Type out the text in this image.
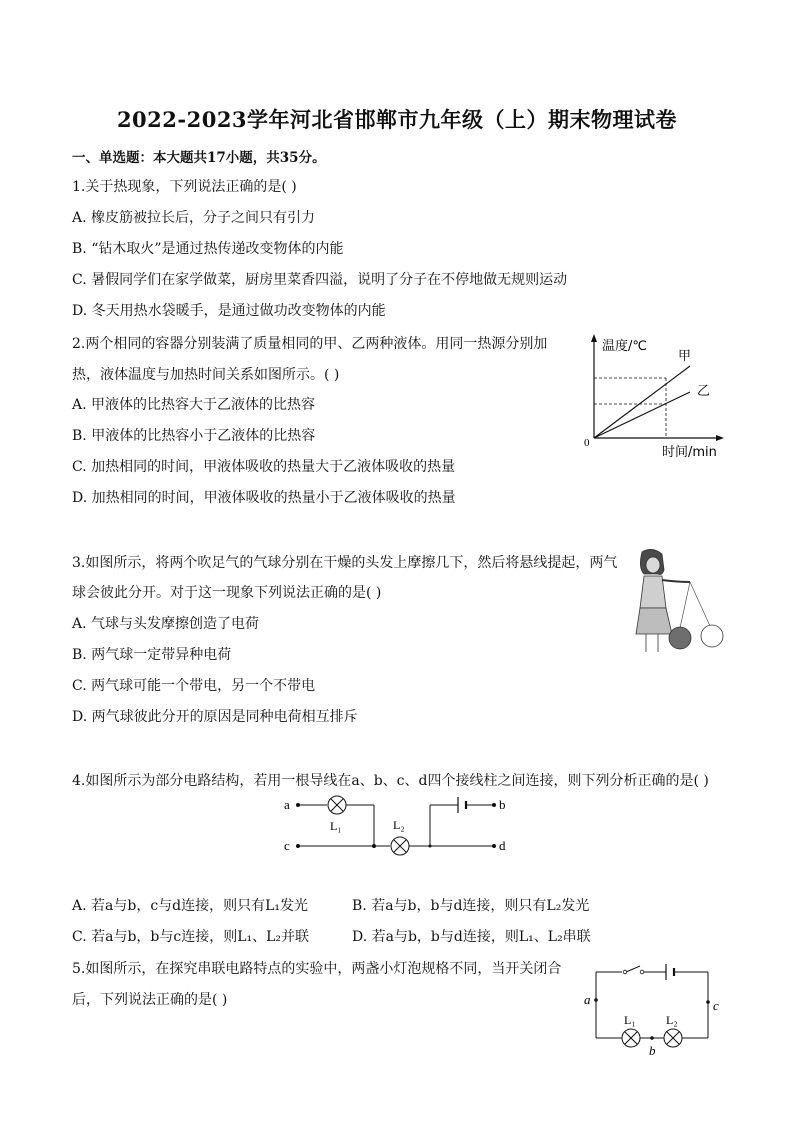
2022-2023学年河北省邯郸市九年级（上）期末物理试卷
一、单选题：本大题共17小题，共35分。
1.关于热现象，下列说法正确的是( )
A. 橡皮筋被拉长后，分子之间只有引力
B. “钻木取火”是通过热传递改变物体的内能
C. 暑假同学们在家学做菜，厨房里菜香四溢，说明了分子在不停地做无规则运动
D. 冬天用热水袋暖手，是通过做功改变物体的内能
2.两个相同的容器分别装满了质量相同的甲、乙两种液体。用同一热源分别加
热，液体温度与加热时间关系如图所示。( )
A. 甲液体的比热容大于乙液体的比热容
B. 甲液体的比热容小于乙液体的比热容
C. 加热相同的时间，甲液体吸收的热量大于乙液体吸收的热量
D. 加热相同的时间，甲液体吸收的热量小于乙液体吸收的热量
温度/℃
甲
乙
0
时间/min
3.如图所示，将两个吹足气的气球分别在干燥的头发上摩擦几下，然后将悬线提起，两气
球会彼此分开。对于这一现象下列说法正确的是( )
A. 气球与头发摩擦创造了电荷
B. 两气球一定带异种电荷
C. 两气球可能一个带电，另一个不带电
D. 两气球彼此分开的原因是同种电荷相互排斥
4.如图所示为部分电路结构，若用一根导线在a、b、c、d四个接线柱之间连接，则下列分析正确的是( )
a
c
b
d
L₁	L₂
A. 若a与b，c与d连接，则只有L₁发光	B. 若a与b，b与d连接，则只有L₂发光
C. 若a与b，b与c连接，则L₁、L₂并联	D. 若a与b，b与d连接，则L₁、L₂串联
5.如图所示，在探究串联电路特点的实验中，两盏小灯泡规格不同，当开关闭合
后，下列说法正确的是( )	a	c
b
L₁	L₂
